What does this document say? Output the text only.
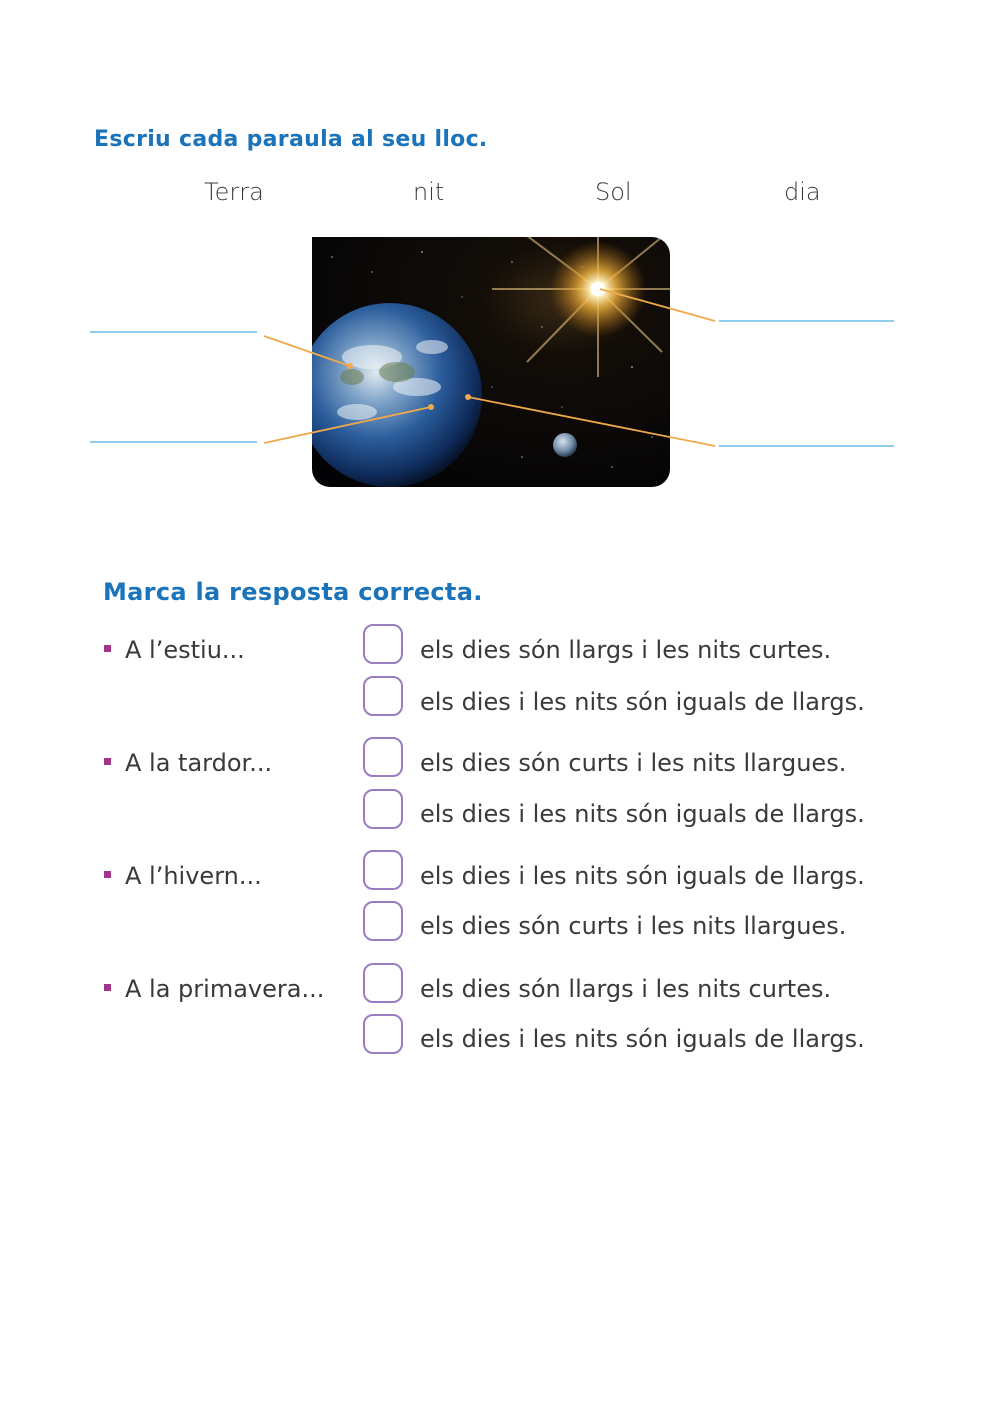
Escriu cada paraula al seu lloc.
Terra	nit	Sol	dia
Marca la resposta correcta.
A l’estiu...	els dies són llargs i les nits curtes.
els dies i les nits són iguals de llargs.
A la tardor...	els dies són curts i les nits llargues.
els dies i les nits són iguals de llargs.
A l’hivern...	els dies i les nits són iguals de llargs.
els dies són curts i les nits llargues.
A la primavera...	els dies són llargs i les nits curtes.
els dies i les nits són iguals de llargs.
